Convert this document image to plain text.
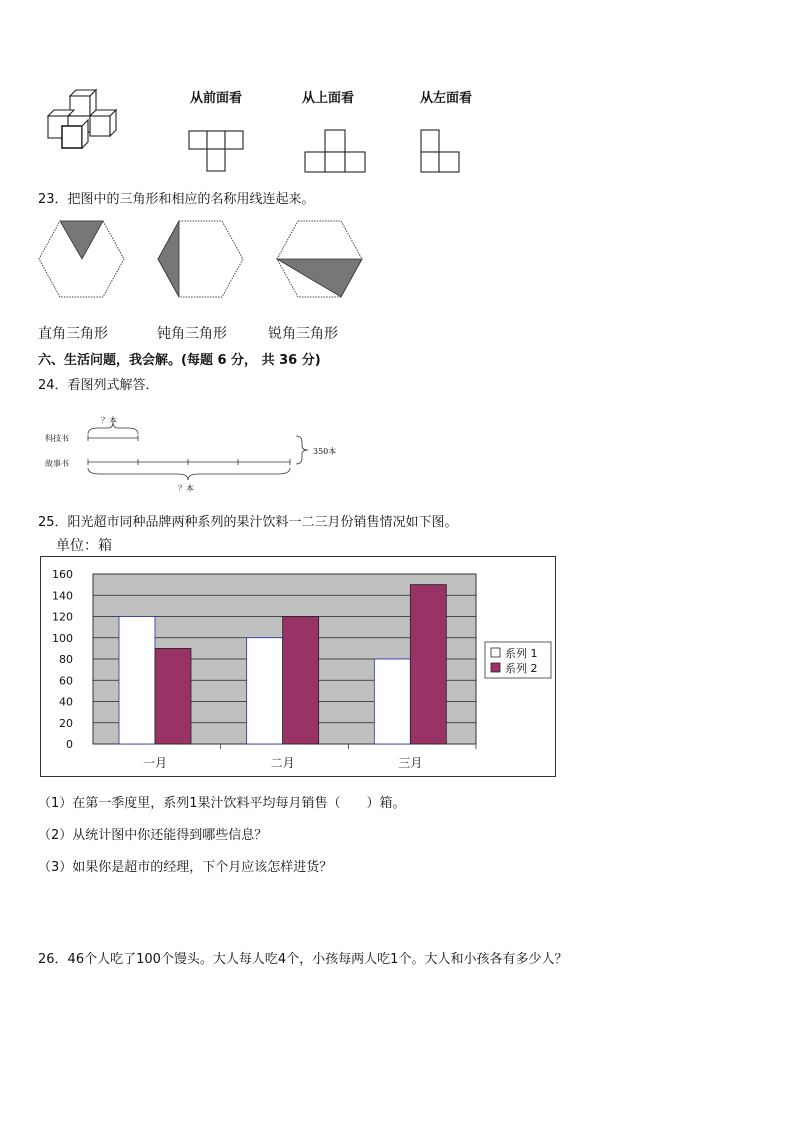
从前面看	从上面看	从左面看
23．把图中的三角形和相应的名称用线连起来。
直角三角形	钝角三角形	锐角三角形
六、生活问题，我会解。(每题 6 分， 共 36 分)
24．看图列式解答．
？本
科技书
故事书
350本
？本
25．阳光超市同种品牌两种系列的果汁饮料一二三月份销售情况如下图。
单位：箱
0
20
40
60
80
100
120
140
160
一月	二月	三月
系列 1
系列 2
（1）在第一季度里，系列1果汁饮料平均每月销售（　　）箱。
（2）从统计图中你还能得到哪些信息？
（3）如果你是超市的经理，下个月应该怎样进货？
26．46个人吃了100个馒头。大人每人吃4个，小孩每两人吃1个。大人和小孩各有多少人？
